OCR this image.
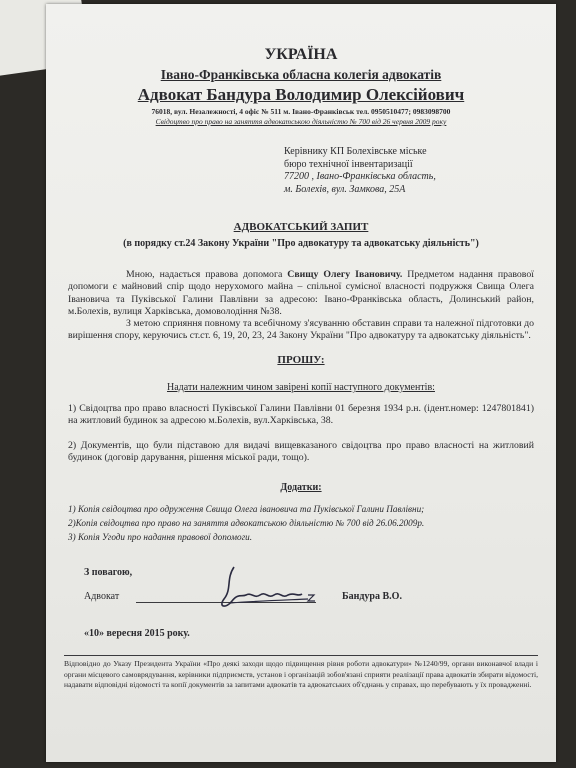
УКРАЇНА
Івано-Франківська обласна колегія адвокатів
Адвокат Бандура Володимир Олексійович
76018, вул. Незалежності, 4 офіс № 511 м. Івано-Франківськ тел. 0950510477; 0983098700
Свідоцтво про право на заняття адвокатською діяльністю № 700 від 26 червня 2009 року
Керівнику КП Болехівське міське
бюро технічної інвентаризації
77200 , Івано-Франківська область,
м. Болехів, вул. Замкова, 25А
АДВОКАТСЬКИЙ ЗАПИТ
(в порядку ст.24 Закону України "Про адвокатуру та адвокатську діяльність")
Мною, надається правова допомога Свищу Олегу Івановичу. Предметом надання правової допомоги є майновий спір щодо нерухомого майна – спільної сумісної власності подружжя Свища Олега Івановича та Пуківської Галини Павлівни за адресою: Івано-Франківська область, Долинський район, м.Болехів, вулиця Харківська, домоволодіння №38.
З метою сприяння повному та всебічному з'ясуванню обставин справи та належної підготовки до вирішення спору, керуючись ст.ст. 6, 19, 20, 23, 24 Закону України "Про адвокатуру та адвокатську діяльність".
ПРОШУ:
Надати належним чином завірені копії наступного документів:
1) Свідоцтва про право власності Пуківської Галини Павлівни 01 березня 1934 р.н. (ідент.номер: 1247801841) на житловий будинок за адресою м.Болехів, вул.Харківська, 38.
2) Документів, що були підставою для видачі вищевказаного свідоцтва про право власності на житловий будинок (договір дарування, рішення міської ради, тощо).
Додатки:
1) Копія свідоцтва про одруження Свища Олега івановича та Пуківської Галини Павлівни;
2)Копія свідоцтва про право на заняття адвокатською діяльністю № 700 від 26.06.2009р.
3) Копія Угоди про надання правової допомоги.
З повагою,
Адвокат	Бандура В.О.
«10» вересня 2015 року.
Відповідно до Указу Президента України «Про деякі заходи щодо підвищення рівня роботи адвокатури» №1240/99, органи виконавчої влади і органи місцевого самоврядування, керівники підприємств, установ і організацій зобов'язані сприяти реалізації права адвокатів збирати відомості, надавати відповідні відомості та копії документів за запитами адвокатів та адвокатських об'єднань у справах, що перебувають у їх провадженні.
